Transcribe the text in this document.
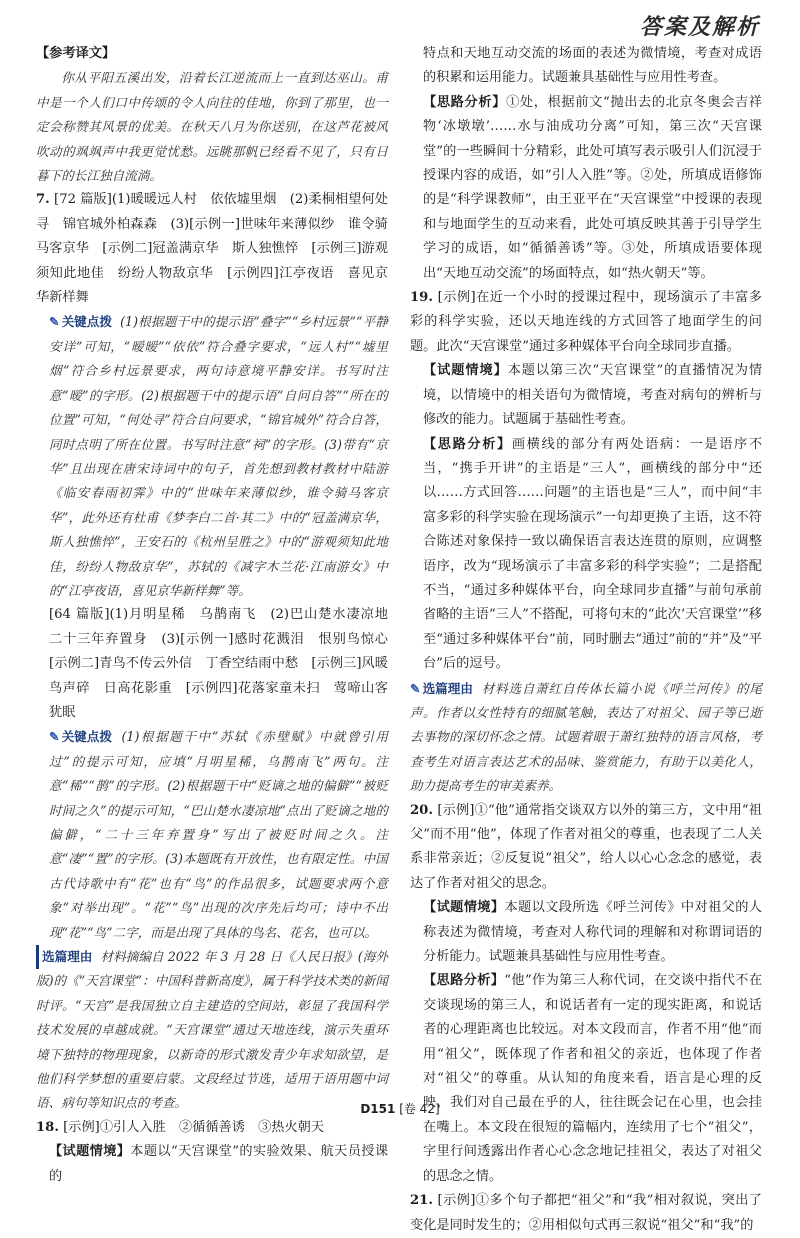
答案及解析

【参考译文】

你从平阳五溪出发，沿着长江逆流而上一直到达巫山。甫中是一个人们口中传颂的令人向往的佳地，你到了那里，也一定会称赞其风景的优美。在秋天八月为你送别，在这芦花被风吹动的飒飒声中我更觉忧愁。远眺那帆已经看不见了，只有日暮下的长江独自流淌。

7. [72 篇版](1)暖暖远人村　依依墟里烟　(2)柔桐相望何处寻　锦官城外柏森森　(3)[示例一]世味年来薄似纱　谁令骑马客京华　[示例二]冠盖满京华　斯人独憔悴　[示例三]游观须知此地佳　纷纷人物敌京华　[示例四]江亭夜语　喜见京华新样舞

✎ 关键点拨 (1)根据题干中的提示语“叠字”“乡村远景”“平静安详”可知，“暧暧”“依依”符合叠字要求，“远人村”“墟里烟”符合乡村远景要求，两句诗意境平静安详。书写时注意“暧”的字形。(2)根据题干中的提示语“自问自答”“所在的位置”可知，“何处寻”符合自问要求，“锦官城外”符合自答，同时点明了所在位置。书写时注意“祠”的字形。(3)带有“京华”且出现在唐宋诗词中的句子，首先想到教材教材中陆游《临安春雨初霁》中的“世味年来薄似纱，谁令骑马客京华”，此外还有杜甫《梦李白二首·其二》中的“冠盖满京华，斯人独憔悴”，王安石的《杭州呈胜之》中的“游观须知此地佳，纷纷人物敌京华”，苏轼的《减字木兰花·江南游女》中的“江亭夜语，喜见京华新样舞”等。

[64 篇版](1)月明星稀　乌鹊南飞　(2)巴山楚水凄凉地　二十三年弃置身　(3)[示例一]感时花溅泪　恨别鸟惊心　[示例二]青鸟不传云外信　丁香空结雨中愁　[示例三]风暖鸟声碎　日高花影重　[示例四]花落家童未扫　莺啼山客犹眠

✎ 关键点拨 (1)根据题干中“苏轼《赤壁赋》中就曾引用过”的提示可知，应填“月明星稀，乌鹊南飞”两句。注意“稀”“鹊”的字形。(2)根据题干中“贬谪之地的偏僻”“被贬时间之久”的提示可知，“巴山楚水凄凉地”点出了贬谪之地的偏僻，“二十三年弃置身”写出了被贬时间之久。注意“凄”“置”的字形。(3)本题既有开放性，也有限定性。中国古代诗歌中有“花”也有“鸟”的作品很多，试题要求两个意象“对举出现”。“花”“鸟”出现的次序先后均可；诗中不出现“花”“鸟”二字，而是出现了具体的鸟名、花名，也可以。

选篇理由 材料摘编自 2022 年 3 月 28 日《人民日报》(海外版)的《“天宫课堂”：中国科普新高度》，属于科学技术类的新闻时评。“天宫”是我国独立自主建造的空间站，彰显了我国科学技术发展的卓越成就。“天宫课堂”通过天地连线，演示失重环境下独特的物理现象，以新奇的形式激发青少年求知欲望，是他们科学梦想的重要启蒙。文段经过节选，适用于语用题中词语、病句等知识点的考查。

18. [示例]①引人入胜　②循循善诱　③热火朝天

【试题情境】本题以“天宫课堂”的实验效果、航天员授课的

特点和天地互动交流的场面的表述为微情境，考查对成语的积累和运用能力。试题兼具基础性与应用性考查。

【思路分析】①处，根据前文“抛出去的北京冬奥会吉祥物‘冰墩墩’……水与油成功分离”可知，第三次“天宫课堂”的一些瞬间十分精彩，此处可填写表示吸引人们沉浸于授课内容的成语，如“引人入胜”等。②处，所填成语修饰的是“科学课教师”，由王亚平在“天宫课堂”中授课的表现和与地面学生的互动来看，此处可填反映其善于引导学生学习的成语，如“循循善诱”等。③处，所填成语要体现出“天地互动交流”的场面特点，如“热火朝天”等。

19. [示例]在近一个小时的授课过程中，现场演示了丰富多彩的科学实验，还以天地连线的方式回答了地面学生的问题。此次“天宫课堂”通过多种媒体平台向全球同步直播。

【试题情境】本题以第三次“天宫课堂”的直播情况为情境，以情境中的相关语句为微情境，考查对病句的辨析与修改的能力。试题属于基础性考查。

【思路分析】画横线的部分有两处语病：一是语序不当，“携手开讲”的主语是“三人”，画横线的部分中“还以……方式回答……问题”的主语也是“三人”，而中间“丰富多彩的科学实验在现场演示”一句却更换了主语，这不符合陈述对象保持一致以确保语言表达连贯的原则，应调整语序，改为“现场演示了丰富多彩的科学实验”；二是搭配不当，“通过多种媒体平台，向全球同步直播”与前句承前省略的主语“三人”不搭配，可将句末的“此次‘天宫课堂’”移至“通过多种媒体平台”前，同时删去“通过”前的“并”及“平台”后的逗号。

✎ 选篇理由 材料选自萧红自传体长篇小说《呼兰河传》的尾声。作者以女性特有的细腻笔触，表达了对祖父、园子等已逝去事物的深切怀念之情。试题着眼于萧红独特的语言风格，考查考生对语言表达艺术的品味、鉴赏能力，有助于以美化人，助力提高考生的审美素养。

20. [示例]①“他”通常指交谈双方以外的第三方，文中用“祖父”而不用“他”，体现了作者对祖父的尊重，也表现了二人关系非常亲近；②反复说“祖父”，给人以心心念念的感觉，表达了作者对祖父的思念。

【试题情境】本题以文段所选《呼兰河传》中对祖父的人称表述为微情境，考查对人称代词的理解和对称谓词语的分析能力。试题兼具基础性与应用性考查。

【思路分析】“他”作为第三人称代词，在交谈中指代不在交谈现场的第三人，和说话者有一定的现实距离，和说话者的心理距离也比较远。对本文段而言，作者不用“他”而用“祖父”，既体现了作者和祖父的亲近，也体现了作者对“祖父”的尊重。从认知的角度来看，语言是心理的反映，我们对自己最在乎的人，往往既会记在心里，也会挂在嘴上。本文段在很短的篇幅内，连续用了七个“祖父”，字里行间透露出作者心心念念地记挂祖父，表达了对祖父的思念之情。

21. [示例]①多个句子都把“祖父”和“我”相对叙说，突出了变化是同时发生的；②用相似句式再三叙说“祖父”和“我”的

D151 [卷 42]
